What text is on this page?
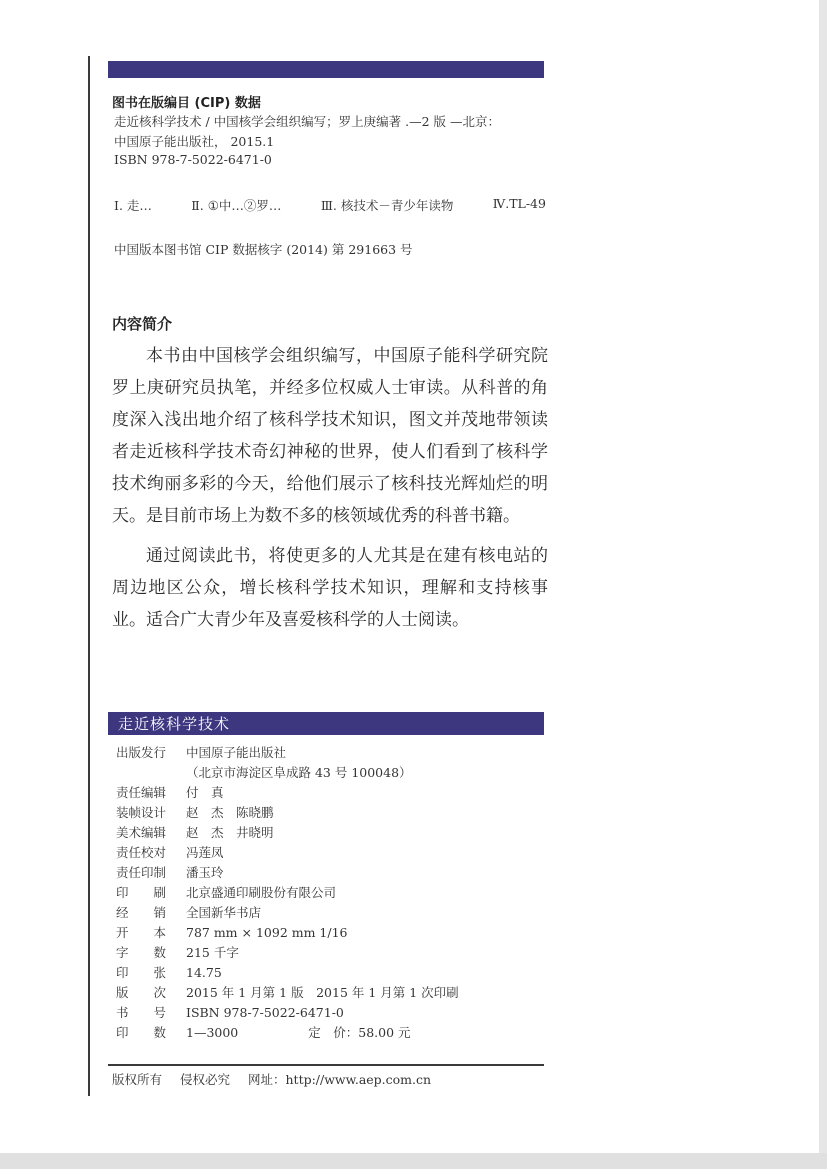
图书在版编目 (CIP) 数据
走近核科学技术 / 中国核学会组织编写；罗上庚编著 .—2 版 —北京：
中国原子能出版社， 2015.1
ISBN 978-7-5022-6471-0
Ⅰ. 走…	Ⅱ. ①中…②罗…	Ⅲ. 核技术－青少年读物	Ⅳ.TL-49
中国版本图书馆 CIP 数据核字 (2014) 第 291663 号
内容简介

本书由中国核学会组织编写，中国原子能科学研究院罗上庚研究员执笔，并经多位权威人士审读。从科普的角度深入浅出地介绍了核科学技术知识，图文并茂地带领读者走近核科学技术奇幻神秘的世界，使人们看到了核科学技术绚丽多彩的今天，给他们展示了核科技光辉灿烂的明天。是目前市场上为数不多的核领域优秀的科普书籍。

通过阅读此书，将使更多的人尤其是在建有核电站的周边地区公众，增长核科学技术知识，理解和支持核事业。适合广大青少年及喜爱核科学的人士阅读。

走近核科学技术
出版发行	中国原子能出版社
（北京市海淀区阜成路 43 号 100048）
责任编辑	付　真
装帧设计	赵　杰　陈晓鹏
美术编辑	赵　杰　井晓明
责任校对	冯莲凤
责任印制	潘玉玲
印　　刷	北京盛通印刷股份有限公司
经　　销	全国新华书店
开　　本	787 mm × 1092 mm 1/16
字　　数	215 千字
印　　张	14.75
版　　次	2015 年 1 月第 1 版　2015 年 1 月第 1 次印刷
书　　号	ISBN 978-7-5022-6471-0
印　　数	1—3000	定　价：58.00 元
版权所有 侵权必究 网址：http://www.aep.com.cn
